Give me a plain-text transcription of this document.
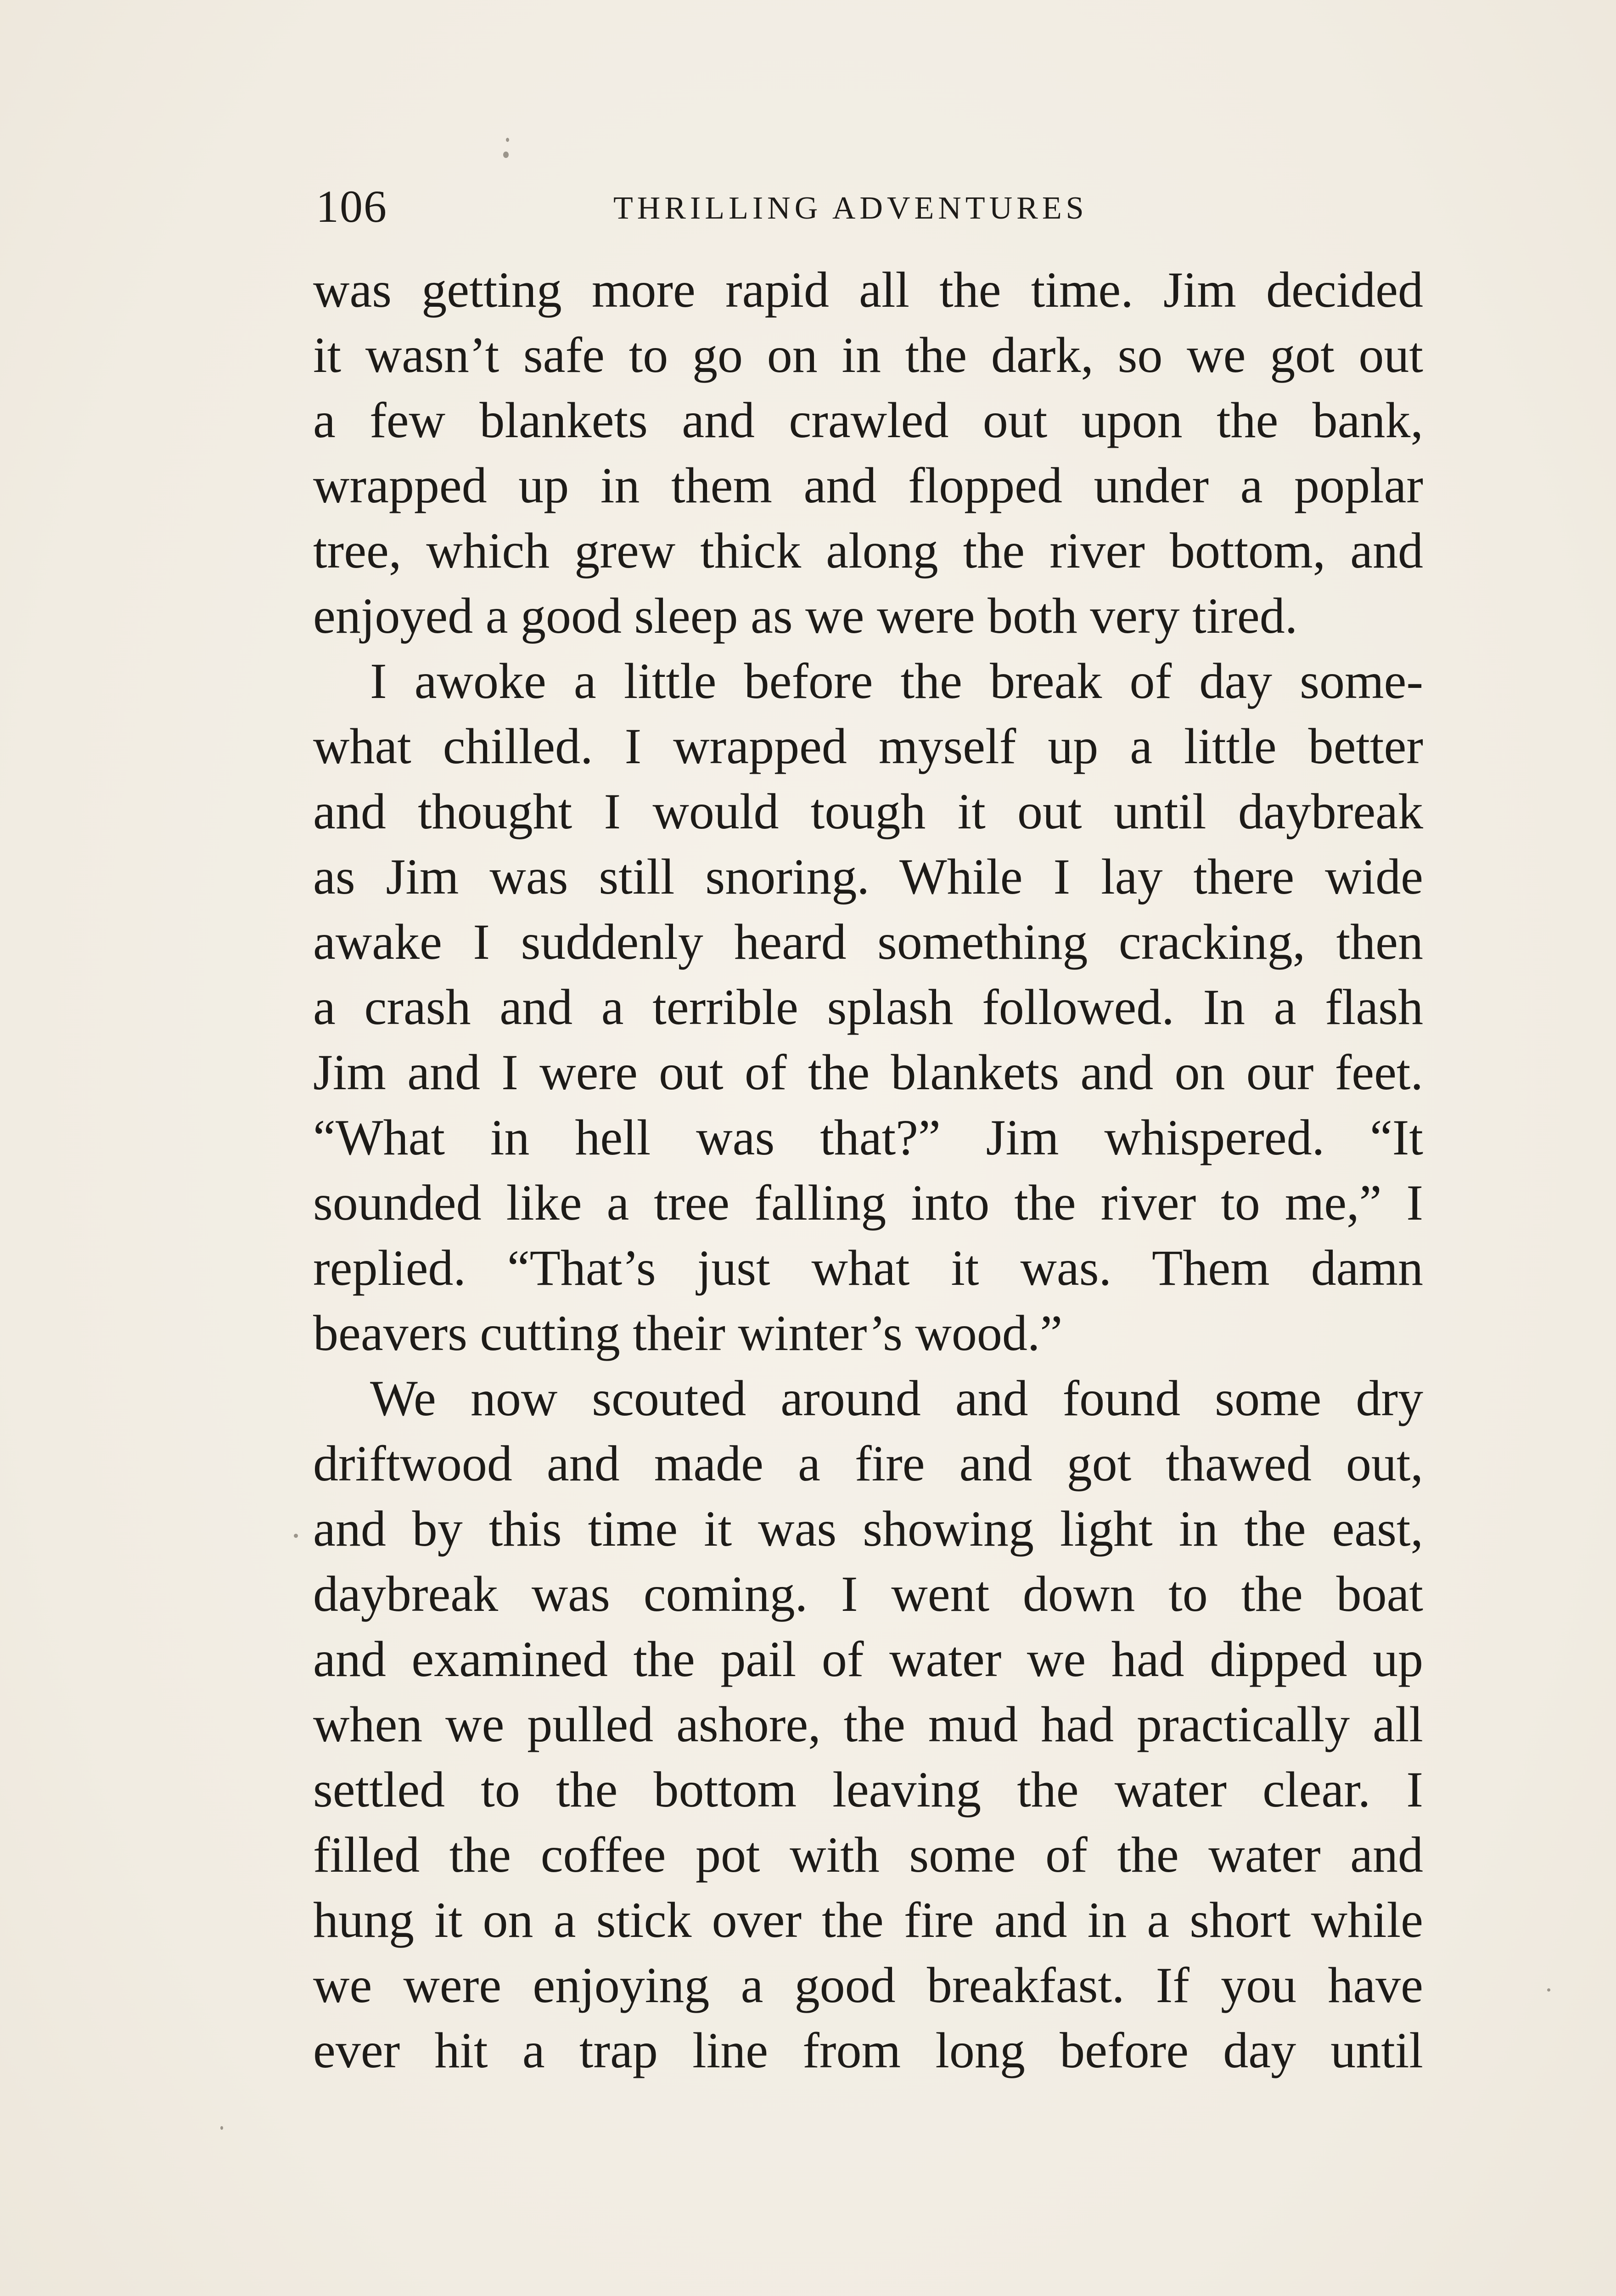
106	THRILLING ADVENTURES
was getting more rapid all the time. Jim decided
it wasn’t safe to go on in the dark, so we got out
a few blankets and crawled out upon the bank,
wrapped up in them and flopped under a poplar
tree, which grew thick along the river bottom, and
enjoyed a good sleep as we were both very tired.
I awoke a little before the break of day some-
what chilled. I wrapped myself up a little better
and thought I would tough it out until daybreak
as Jim was still snoring. While I lay there wide
awake I suddenly heard something cracking, then
a crash and a terrible splash followed. In a flash
Jim and I were out of the blankets and on our feet.
“What in hell was that?” Jim whispered. “It
sounded like a tree falling into the river to me,” I
replied. “That’s just what it was. Them damn
beavers cutting their winter’s wood.”
We now scouted around and found some dry
driftwood and made a fire and got thawed out,
and by this time it was showing light in the east,
daybreak was coming. I went down to the boat
and examined the pail of water we had dipped up
when we pulled ashore, the mud had practically all
settled to the bottom leaving the water clear. I
filled the coffee pot with some of the water and
hung it on a stick over the fire and in a short while
we were enjoying a good breakfast. If you have
ever hit a trap line from long before day until
